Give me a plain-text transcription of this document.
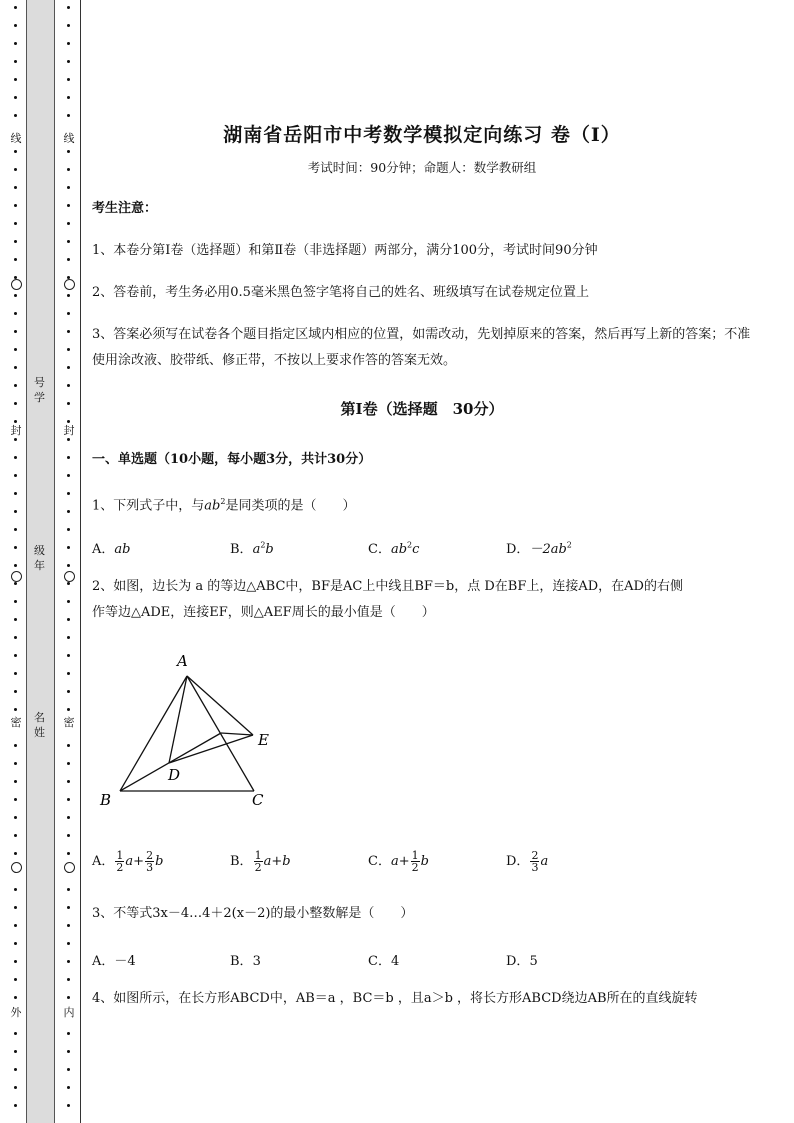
线
封
密
外
线
封
密
内
号
学
级
年
名
姓
湖南省岳阳市中考数学模拟定向练习 卷（Ⅰ）
考试时间：90分钟；命题人：数学教研组
考生注意：
1、本卷分第Ⅰ卷（选择题）和第Ⅱ卷（非选择题）两部分，满分100分，考试时间90分钟
2、答卷前，考生务必用0.5毫米黑色签字笔将自己的姓名、班级填写在试卷规定位置上
3、答案必须写在试卷各个题目指定区域内相应的位置，如需改动，先划掉原来的答案，然后再写上新的答案；不准使用涂改液、胶带纸、修正带，不按以上要求作答的答案无效。
第Ⅰ卷（选择题　30分）
一、单选题（10小题，每小题3分，共计30分）
1、下列式子中，与$ab^2$是同类项的是（　　）
A．ab	B．$a^2b$	C．$ab^2c$	D．$-2ab^2$
2、如图，边长为 a 的等边△ABC中，BF是AC上中线且BF＝b，点 D在BF上，连接AD，在AD的右侧
作等边△ADE，连接EF，则△AEF周长的最小值是（　　）
A
B	C
D
E
A． $\frac{1}{2} a+ \frac{2}{3}$ b	B． $\frac{1}{2} a+b$	C．$a+ \frac{1}{2}$ b	D． $\frac{2}{3}$ a
3、不等式3x－4…4＋2(x－2)的最小整数解是（　　）
A．－4	B．3	C．4	D．5
4、如图所示，在长方形ABCD中，AB＝a ，BC＝b ，且a＞b ，将长方形ABCD绕边AB所在的直线旋转
